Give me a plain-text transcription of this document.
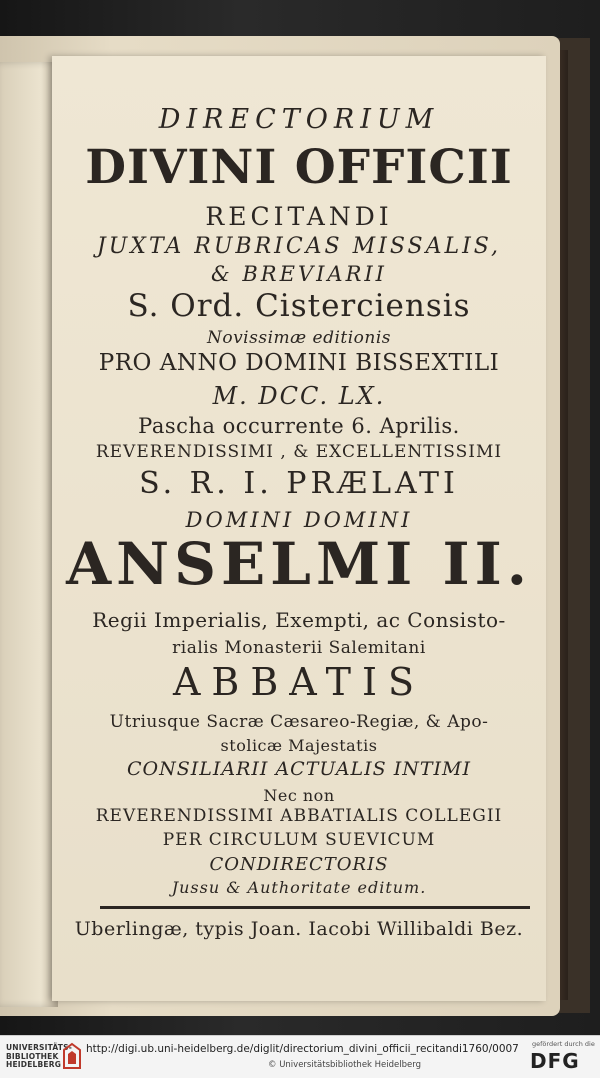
DIRECTORIUM
DIVINI OFFICII
RECITANDI
JUXTA RUBRICAS MISSALIS,
& BREVIARII
S. Ord. Cisterciensis
Novissimæ editionis
PRO ANNO DOMINI BISSEXTILI
M. DCC. LX.
Pascha occurrente 6. Aprilis.
REVERENDISSIMI , & EXCELLENTISSIMI
S. R. I. PRÆLATI
DOMINI DOMINI
ANSELMI II.
Regii Imperialis, Exempti, ac Consisto-
rialis Monasterii Salemitani
ABBATIS
Utriusque Sacræ Cæsareo-Regiæ, & Apo-
stolicæ Majestatis
CONSILIARII ACTUALIS INTIMI
Nec non
REVERENDISSIMI ABBATIALIS COLLEGII
PER CIRCULUM SUEVICUM
CONDIRECTORIS
Jussu & Authoritate editum.
Uberlingæ, typis Joan. Iacobi Willibaldi Bez.
UNIVERSITÄTS-
BIBLIOTHEK
HEIDELBERG
http://digi.ub.uni-heidelberg.de/diglit/directorium_divini_officii_recitandi1760/0007
© Universitätsbibliothek Heidelberg
gefördert durch die
DFG
